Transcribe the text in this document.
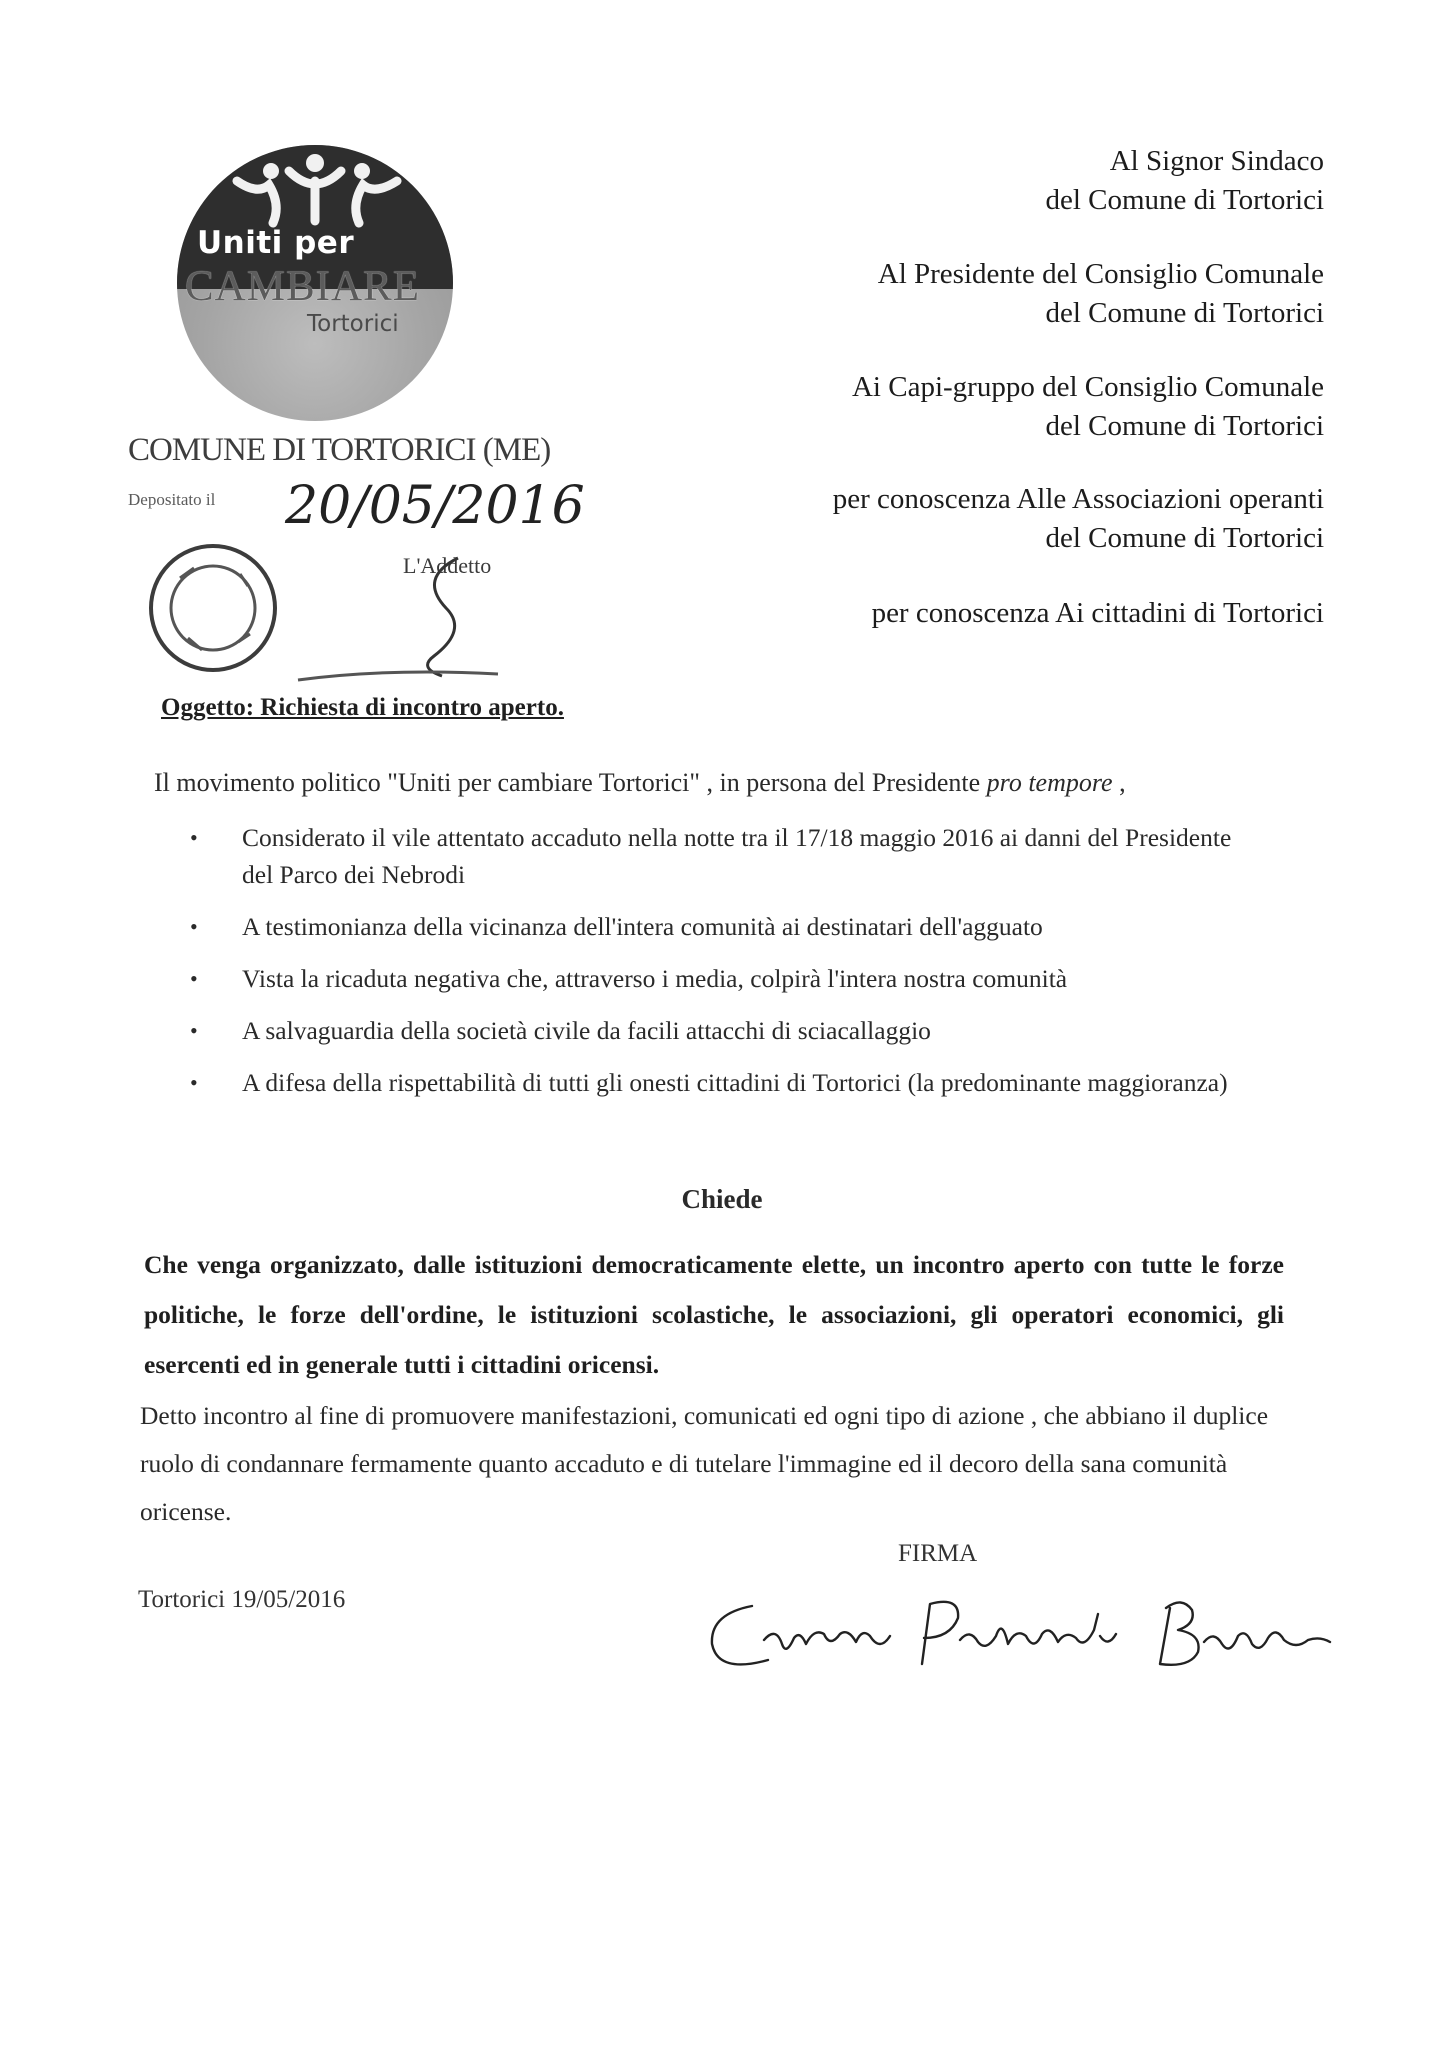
Uniti per
CAMBIARE
Tortorici
Al Signor Sindaco
del Comune di Tortorici
Al Presidente del Consiglio Comunale
del Comune di Tortorici
Ai Capi-gruppo del Consiglio Comunale
del Comune di Tortorici
per conoscenza Alle Associazioni operanti
del Comune di Tortorici
per conoscenza Ai cittadini di Tortorici
COMUNE DI TORTORICI (ME)
Depositato il 20/05/2016
L'Addetto
Oggetto: Richiesta di incontro aperto.
Il movimento politico "Uniti per cambiare Tortorici" , in persona del Presidente pro tempore ,
• Considerato il vile attentato accaduto nella notte tra il 17/18 maggio 2016 ai danni del Presidente del Parco dei Nebrodi
• A testimonianza della vicinanza dell'intera comunità ai destinatari dell'agguato
• Vista la ricaduta negativa che, attraverso i media, colpirà l'intera nostra comunità
• A salvaguardia della società civile da facili attacchi di sciacallaggio
• A difesa della rispettabilità di tutti gli onesti cittadini di Tortorici (la predominante maggioranza)
Chiede
Che venga organizzato, dalle istituzioni democraticamente elette, un incontro aperto con tutte le forze politiche, le forze dell'ordine, le istituzioni scolastiche, le associazioni, gli operatori economici, gli esercenti ed in generale tutti i cittadini oricensi.
Detto incontro al fine di promuovere manifestazioni, comunicati ed ogni tipo di azione , che abbiano il duplice ruolo di condannare fermamente quanto accaduto e di tutelare l'immagine ed il decoro della sana comunità oricense.
FIRMA
Tortorici 19/05/2016
